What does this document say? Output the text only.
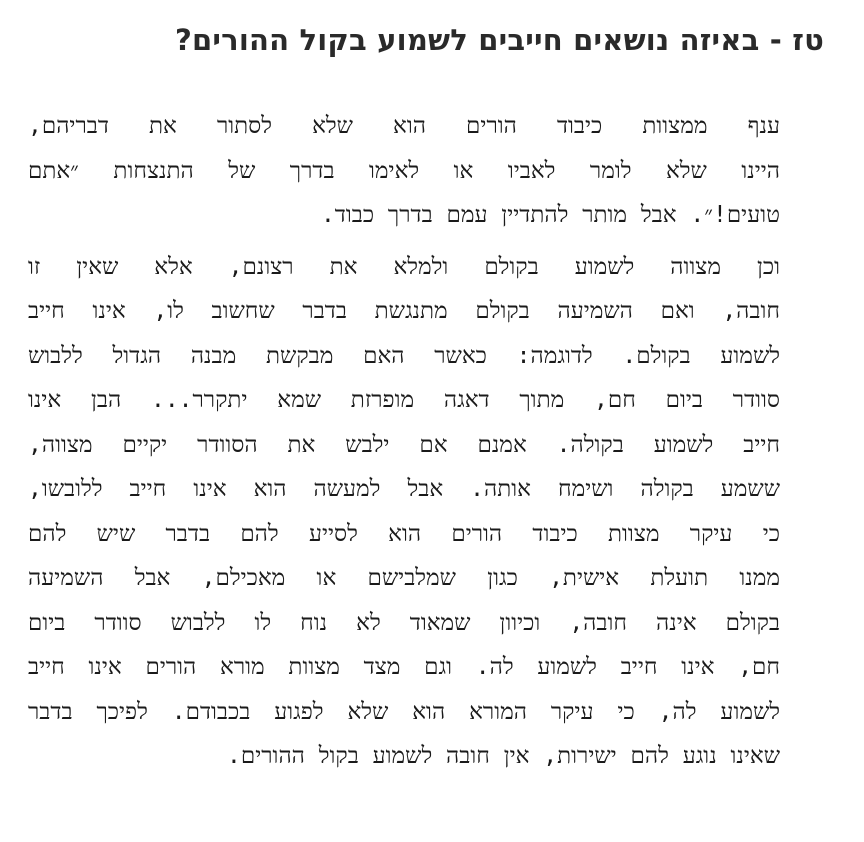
טז - באיזה נושאים חייבים לשמוע בקול ההורים?

ענף ממצוות כיבוד הורים הוא שלא לסתור את דבריהם,
היינו שלא לומר לאביו או לאימו בדרך של התנצחות ״אתם
טועים!״. אבל מותר להתדיין עמם בדרך כבוד.

וכן מצווה לשמוע בקולם ולמלא את רצונם, אלא שאין זו
חובה, ואם השמיעה בקולם מתנגשת בדבר שחשוב לו, אינו חייב
לשמוע בקולם. לדוגמה: כאשר האם מבקשת מבנה הגדול ללבוש
סוודר ביום חם, מתוך דאגה מופרזת שמא יתקרר... הבן אינו
חייב לשמוע בקולה. אמנם אם ילבש את הסוודר יקיים מצווה,
ששמע בקולה ושימח אותה. אבל למעשה הוא אינו חייב ללובשו,
כי עיקר מצוות כיבוד הורים הוא לסייע להם בדבר שיש להם
ממנו תועלת אישית, כגון שמלבישם או מאכילם, אבל השמיעה
בקולם אינה חובה, וכיוון שמאוד לא נוח לו ללבוש סוודר ביום
חם, אינו חייב לשמוע לה. וגם מצד מצוות מורא הורים אינו חייב
לשמוע לה, כי עיקר המורא הוא שלא לפגוע בכבודם. לפיכך בדבר
שאינו נוגע להם ישירות, אין חובה לשמוע בקול ההורים.
